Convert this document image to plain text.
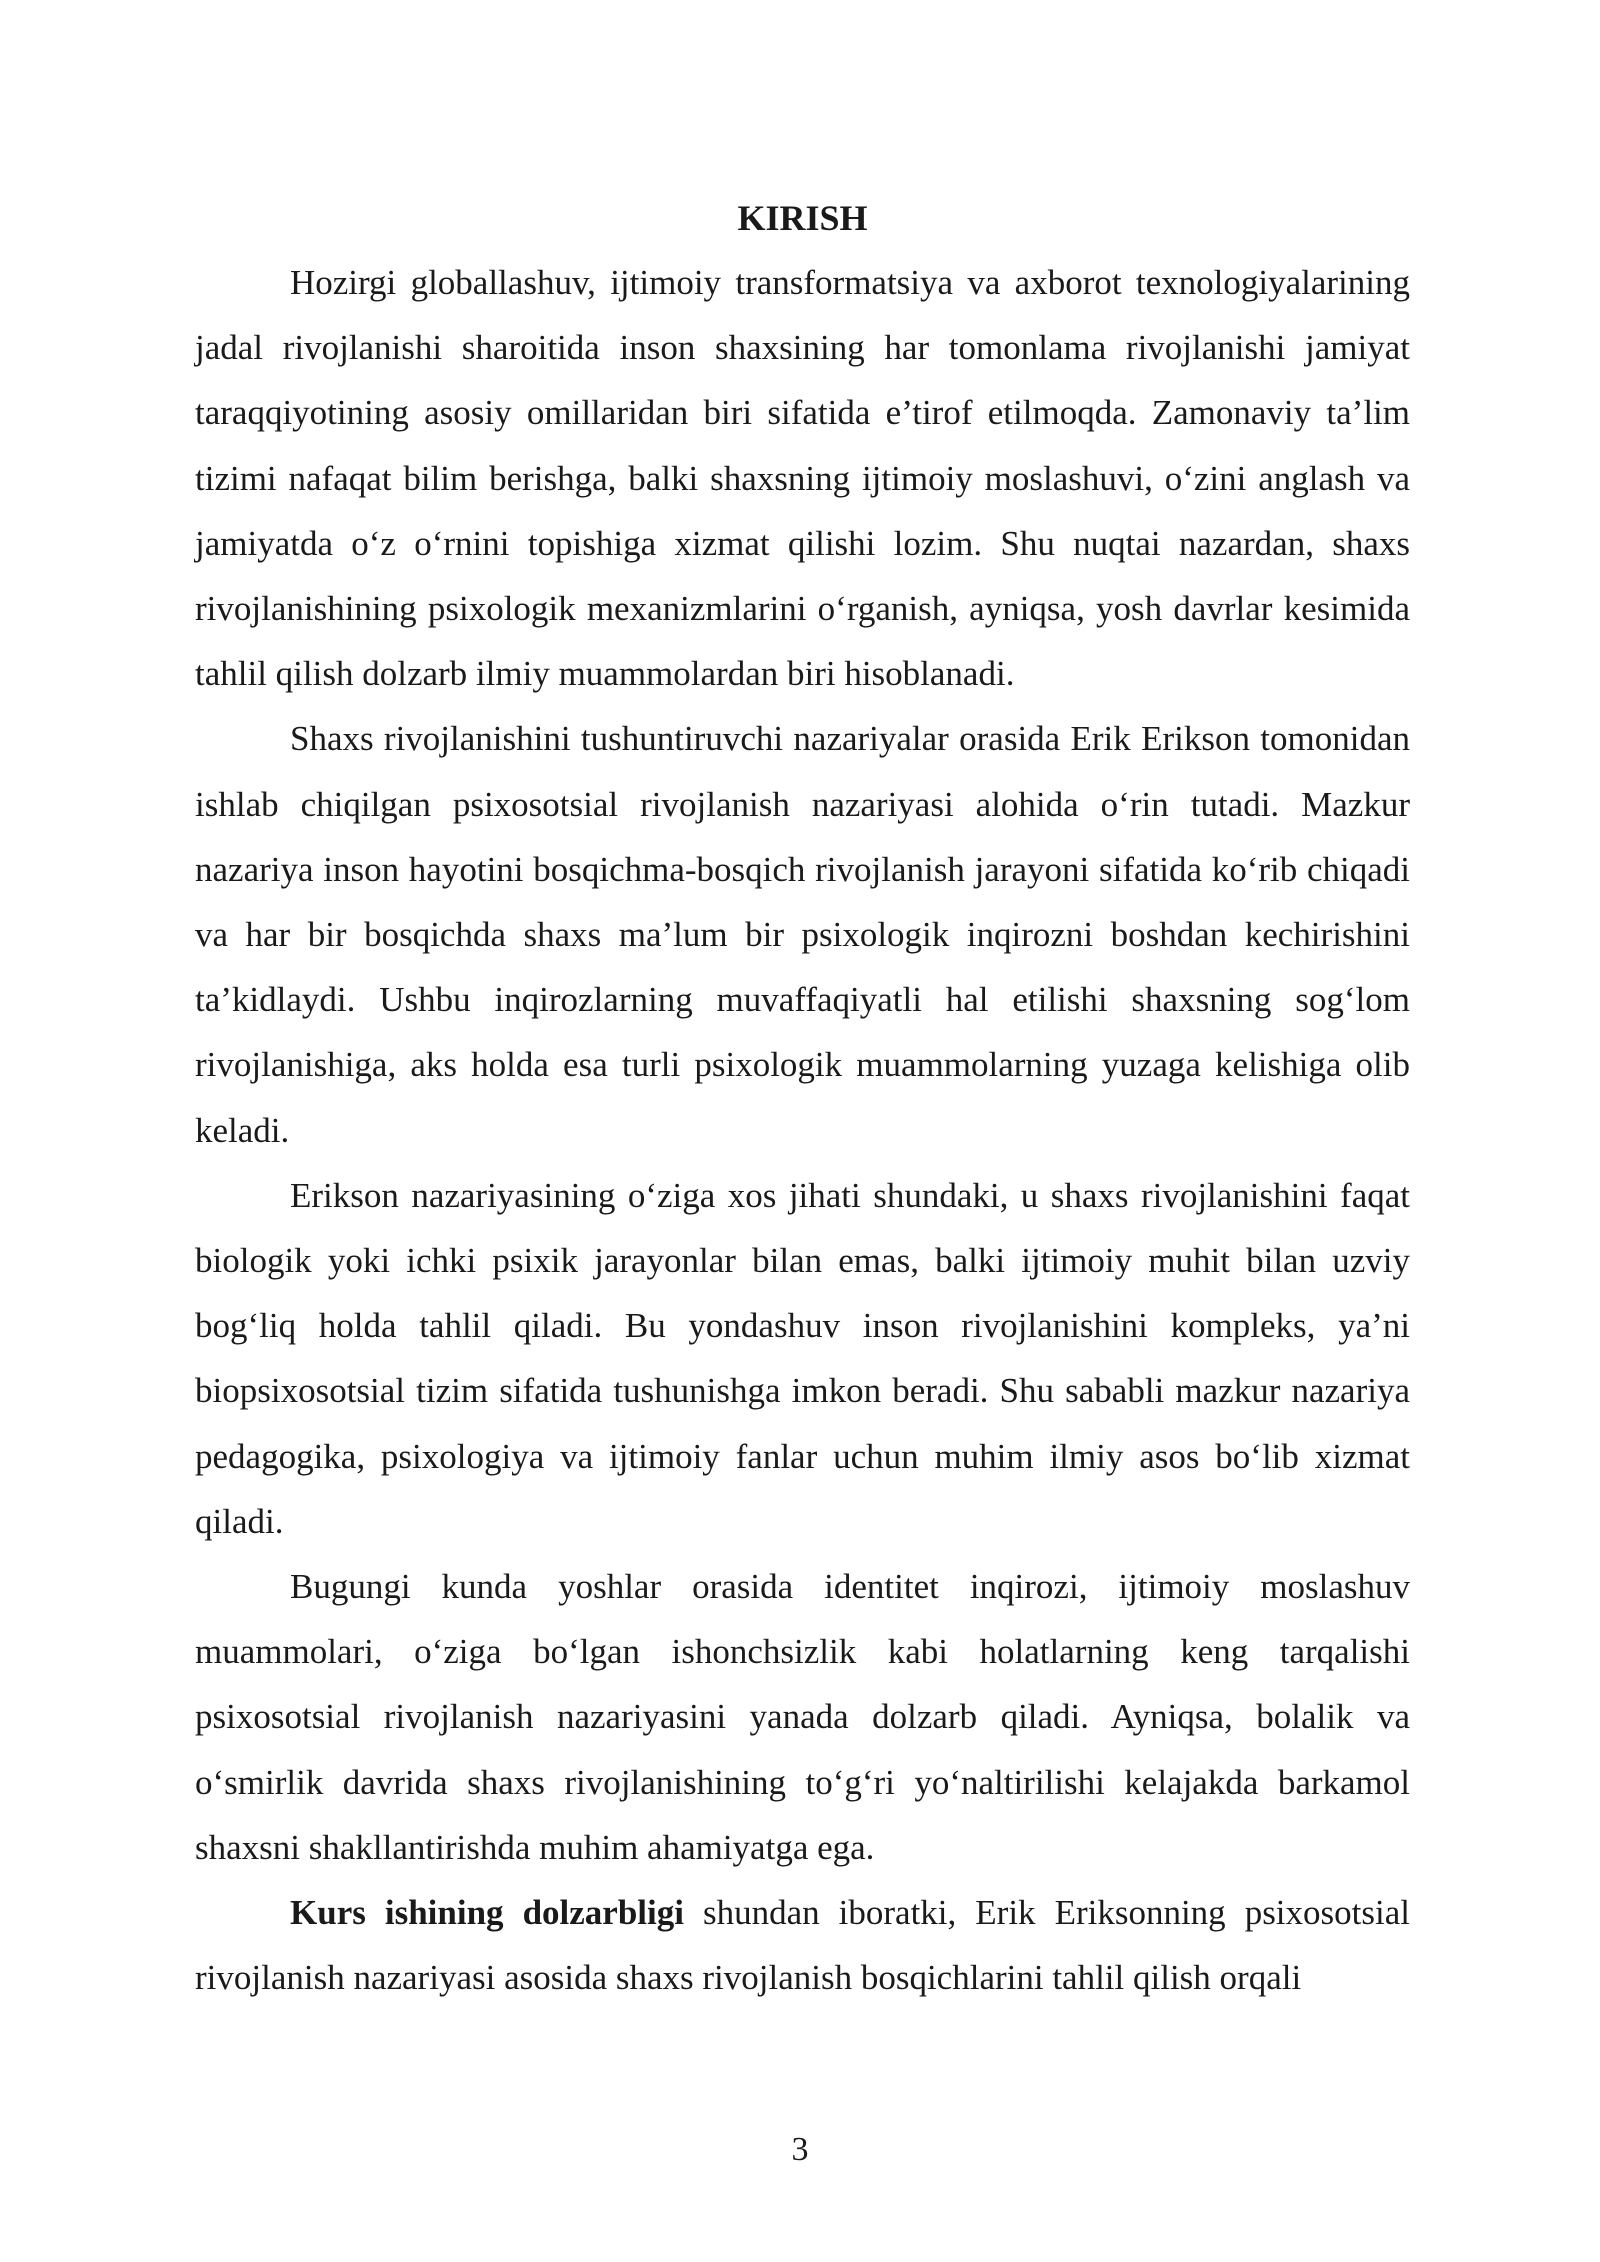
KIRISH

Hozirgi globallashuv, ijtimoiy transformatsiya va axborot texnologiyalarining jadal rivojlanishi sharoitida inson shaxsining har tomonlama rivojlanishi jamiyat taraqqiyotining asosiy omillaridan biri sifatida e’tirof etilmoqda. Zamonaviy ta’lim tizimi nafaqat bilim berishga, balki shaxsning ijtimoiy moslashuvi, o‘zini anglash va jamiyatda o‘z o‘rnini topishiga xizmat qilishi lozim. Shu nuqtai nazardan, shaxs rivojlanishining psixologik mexanizmlarini o‘rganish, ayniqsa, yosh davrlar kesimida tahlil qilish dolzarb ilmiy muammolardan biri hisoblanadi.

Shaxs rivojlanishini tushuntiruvchi nazariyalar orasida Erik Erikson tomonidan ishlab chiqilgan psixosotsial rivojlanish nazariyasi alohida o‘rin tutadi. Mazkur nazariya inson hayotini bosqichma-bosqich rivojlanish jarayoni sifatida ko‘rib chiqadi va har bir bosqichda shaxs ma’lum bir psixologik inqirozni boshdan kechirishini ta’kidlaydi. Ushbu inqirozlarning muvaffaqiyatli hal etilishi shaxsning sog‘lom rivojlanishiga, aks holda esa turli psixologik muammolarning yuzaga kelishiga olib keladi.

Erikson nazariyasining o‘ziga xos jihati shundaki, u shaxs rivojlanishini faqat biologik yoki ichki psixik jarayonlar bilan emas, balki ijtimoiy muhit bilan uzviy bog‘liq holda tahlil qiladi. Bu yondashuv inson rivojlanishini kompleks, ya’ni biopsixosotsial tizim sifatida tushunishga imkon beradi. Shu sababli mazkur nazariya pedagogika, psixologiya va ijtimoiy fanlar uchun muhim ilmiy asos bo‘lib xizmat qiladi.

Bugungi kunda yoshlar orasida identitet inqirozi, ijtimoiy moslashuv muammolari, o‘ziga bo‘lgan ishonchsizlik kabi holatlarning keng tarqalishi psixosotsial rivojlanish nazariyasini yanada dolzarb qiladi. Ayniqsa, bolalik va o‘smirlik davrida shaxs rivojlanishining to‘g‘ri yo‘naltirilishi kelajakda barkamol shaxsni shakllantirishda muhim ahamiyatga ega.

Kurs ishining dolzarbligi shundan iboratki, Erik Eriksonning psixosotsial rivojlanish nazariyasi asosida shaxs rivojlanish bosqichlarini tahlil qilish orqali

3
